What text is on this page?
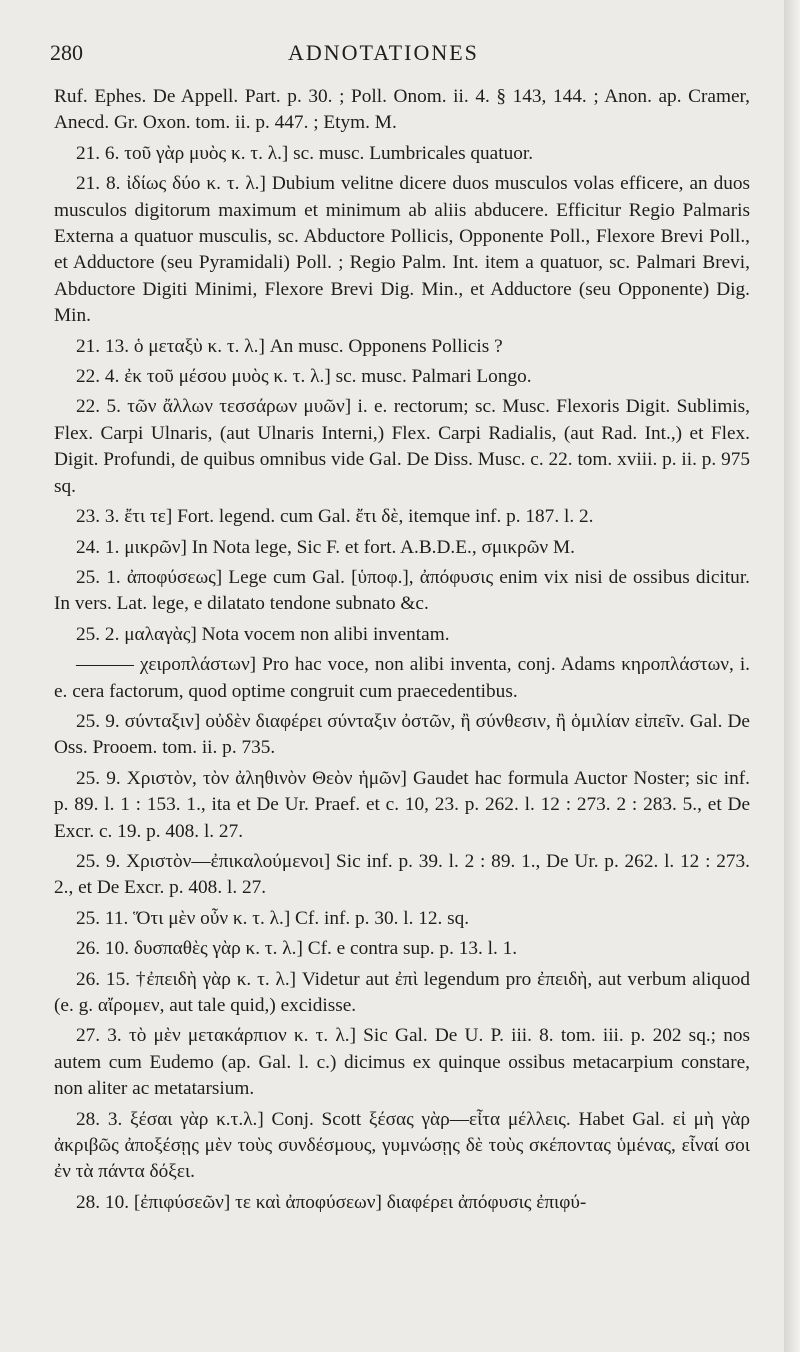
280	ADNOTATIONES

Ruf. Ephes. De Appell. Part. p. 30. ; Poll. Onom. ii. 4. § 143, 144. ; Anon. ap. Cramer, Anecd. Gr. Oxon. tom. ii. p. 447. ; Etym. M.

21. 6. τοῦ γὰρ μυὸς κ. τ. λ.] sc. musc. Lumbricales quatuor.

21. 8. ἰδίως δύο κ. τ. λ.] Dubium velitne dicere duos musculos volas efficere, an duos musculos digitorum maximum et minimum ab aliis abducere. Efficitur Regio Palmaris Externa a quatuor musculis, sc. Abductore Pollicis, Opponente Poll., Flexore Brevi Poll., et Adductore (seu Pyramidali) Poll. ; Regio Palm. Int. item a quatuor, sc. Palmari Brevi, Abductore Digiti Minimi, Flexore Brevi Dig. Min., et Adductore (seu Opponente) Dig. Min.

21. 13. ὁ μεταξὺ κ. τ. λ.] An musc. Opponens Pollicis ?

22. 4. ἐκ τοῦ μέσου μυὸς κ. τ. λ.] sc. musc. Palmari Longo.

22. 5. τῶν ἄλλων τεσσάρων μυῶν] i. e. rectorum; sc. Musc. Flexoris Digit. Sublimis, Flex. Carpi Ulnaris, (aut Ulnaris Interni,) Flex. Carpi Radialis, (aut Rad. Int.,) et Flex. Digit. Profundi, de quibus omnibus vide Gal. De Diss. Musc. c. 22. tom. xviii. p. ii. p. 975 sq.

23. 3. ἔτι τε] Fort. legend. cum Gal. ἔτι δὲ, itemque inf. p. 187. l. 2.

24. 1. μικρῶν] In Nota lege, Sic F. et fort. A.B.D.E., σμικρῶν M.

25. 1. ἀποφύσεως] Lege cum Gal. [ὑποφ.], ἀπόφυσις enim vix nisi de ossibus dicitur. In vers. Lat. lege, e dilatato tendone subnato &c.

25. 2. μαλαγὰς] Nota vocem non alibi inventam.

——— χειροπλάστων] Pro hac voce, non alibi inventa, conj. Adams κηροπλάστων, i. e. cera factorum, quod optime congruit cum praecedentibus.

25. 9. σύνταξιν] οὐδὲν διαφέρει σύνταξιν ὀστῶν, ἢ σύνθεσιν, ἢ ὁμιλίαν εἰπεῖν. Gal. De Oss. Prooem. tom. ii. p. 735.

25. 9. Χριστὸν, τὸν ἀληθινὸν Θεὸν ἡμῶν] Gaudet hac formula Auctor Noster; sic inf. p. 89. l. 1 : 153. 1., ita et De Ur. Praef. et c. 10, 23. p. 262. l. 12 : 273. 2 : 283. 5., et De Excr. c. 19. p. 408. l. 27.

25. 9. Χριστὸν—ἐπικαλούμενοι] Sic inf. p. 39. l. 2 : 89. 1., De Ur. p. 262. l. 12 : 273. 2., et De Excr. p. 408. l. 27.

25. 11. Ὅτι μὲν οὖν κ. τ. λ.] Cf. inf. p. 30. l. 12. sq.

26. 10. δυσπαθὲς γὰρ κ. τ. λ.] Cf. e contra sup. p. 13. l. 1.

26. 15. †ἐπειδὴ γὰρ κ. τ. λ.] Videtur aut ἐπὶ legendum pro ἐπειδὴ, aut verbum aliquod (e. g. αἴρομεν, aut tale quid,) excidisse.

27. 3. τὸ μὲν μετακάρπιον κ. τ. λ.] Sic Gal. De U. P. iii. 8. tom. iii. p. 202 sq.; nos autem cum Eudemo (ap. Gal. l. c.) dicimus ex quinque ossibus metacarpium constare, non aliter ac metatarsium.

28. 3. ξέσαι γὰρ κ.τ.λ.] Conj. Scott ξέσας γὰρ—εἶτα μέλλεις. Habet Gal. εἰ μὴ γὰρ ἀκριβῶς ἀποξέσῃς μὲν τοὺς συνδέσμους, γυμνώσῃς δὲ τοὺς σκέποντας ὑμένας, εἶναί σοι ἐν τὰ πάντα δόξει.

28. 10. [ἐπιφύσεῶν] τε καὶ ἀποφύσεων] διαφέρει ἀπόφυσις ἐπιφύ-
